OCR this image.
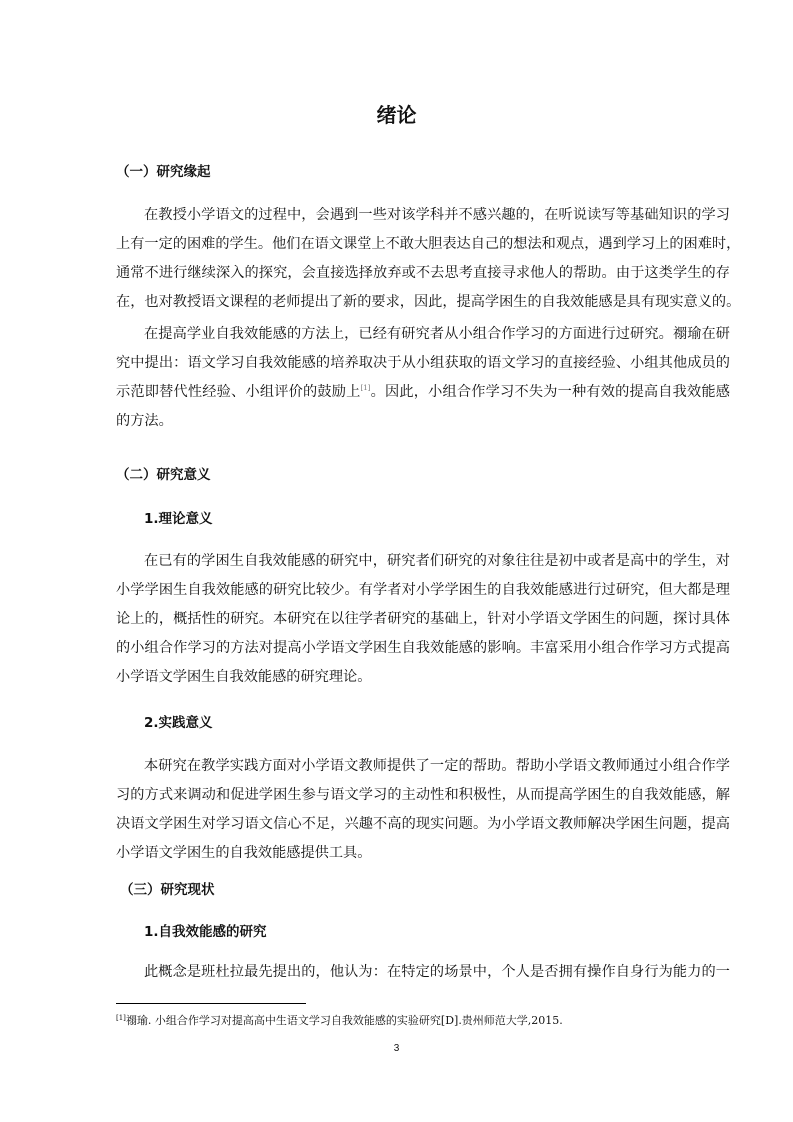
绪论

（一）研究缘起

在教授小学语文的过程中，会遇到一些对该学科并不感兴趣的，在听说读写等基础知识的学习
上有一定的困难的学生。他们在语文课堂上不敢大胆表达自己的想法和观点，遇到学习上的困难时，
通常不进行继续深入的探究，会直接选择放弃或不去思考直接寻求他人的帮助。由于这类学生的存
在，也对教授语文课程的老师提出了新的要求，因此，提高学困生的自我效能感是具有现实意义的。
在提高学业自我效能感的方法上，已经有研究者从小组合作学习的方面进行过研究。禤瑜在研
究中提出：语文学习自我效能感的培养取决于从小组获取的语文学习的直接经验、小组其他成员的
示范即替代性经验、小组评价的鼓励上[1]。因此，小组合作学习不失为一种有效的提高自我效能感
的方法。

（二）研究意义

1.理论意义

在已有的学困生自我效能感的研究中，研究者们研究的对象往往是初中或者是高中的学生，对
小学学困生自我效能感的研究比较少。有学者对小学学困生的自我效能感进行过研究，但大都是理
论上的，概括性的研究。本研究在以往学者研究的基础上，针对小学语文学困生的问题，探讨具体
的小组合作学习的方法对提高小学语文学困生自我效能感的影响。丰富采用小组合作学习方式提高
小学语文学困生自我效能感的研究理论。

2.实践意义

本研究在教学实践方面对小学语文教师提供了一定的帮助。帮助小学语文教师通过小组合作学
习的方式来调动和促进学困生参与语文学习的主动性和积极性，从而提高学困生的自我效能感，解
决语文学困生对学习语文信心不足，兴趣不高的现实问题。为小学语文教师解决学困生问题，提高
小学语文学困生的自我效能感提供工具。

（三）研究现状

1.自我效能感的研究

此概念是班杜拉最先提出的，他认为：在特定的场景中，个人是否拥有操作自身行为能力的一

[1]禤瑜. 小组合作学习对提高高中生语文学习自我效能感的实验研究[D].贵州师范大学,2015.

3
